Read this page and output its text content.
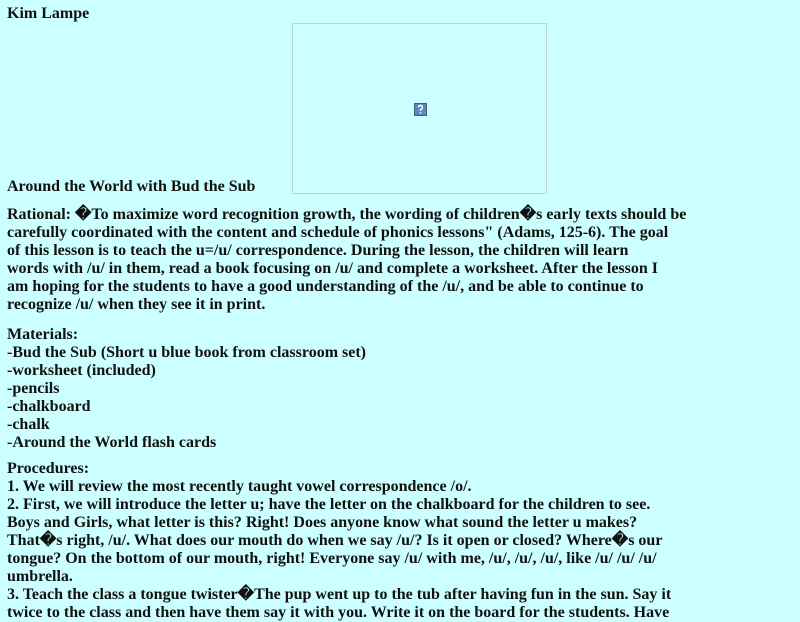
Kim Lampe
Around the World with Bud the Sub
Rational: �To maximize word recognition growth, the wording of children�s early texts should be
carefully coordinated with the content and schedule of phonics lessons" (Adams, 125-6). The goal
of this lesson is to teach the u=/u/ correspondence. During the lesson, the children will learn
words with /u/ in them, read a book focusing on /u/ and complete a worksheet. After the lesson I
am hoping for the students to have a good understanding of the /u/, and be able to continue to
recognize /u/ when they see it in print.
Materials:
-Bud the Sub (Short u blue book from classroom set)
-worksheet (included)
-pencils
-chalkboard
-chalk
-Around the World flash cards
Procedures:
1. We will review the most recently taught vowel correspondence /o/.
2. First, we will introduce the letter u; have the letter on the chalkboard for the children to see.
Boys and Girls, what letter is this? Right! Does anyone know what sound the letter u makes?
That�s right, /u/. What does our mouth do when we say /u/? Is it open or closed? Where�s our
tongue? On the bottom of our mouth, right! Everyone say /u/ with me, /u/, /u/, /u/, like /u/ /u/ /u/
umbrella.
3. Teach the class a tongue twister�The pup went up to the tub after having fun in the sun. Say it
twice to the class and then have them say it with you. Write it on the board for the students. Have
